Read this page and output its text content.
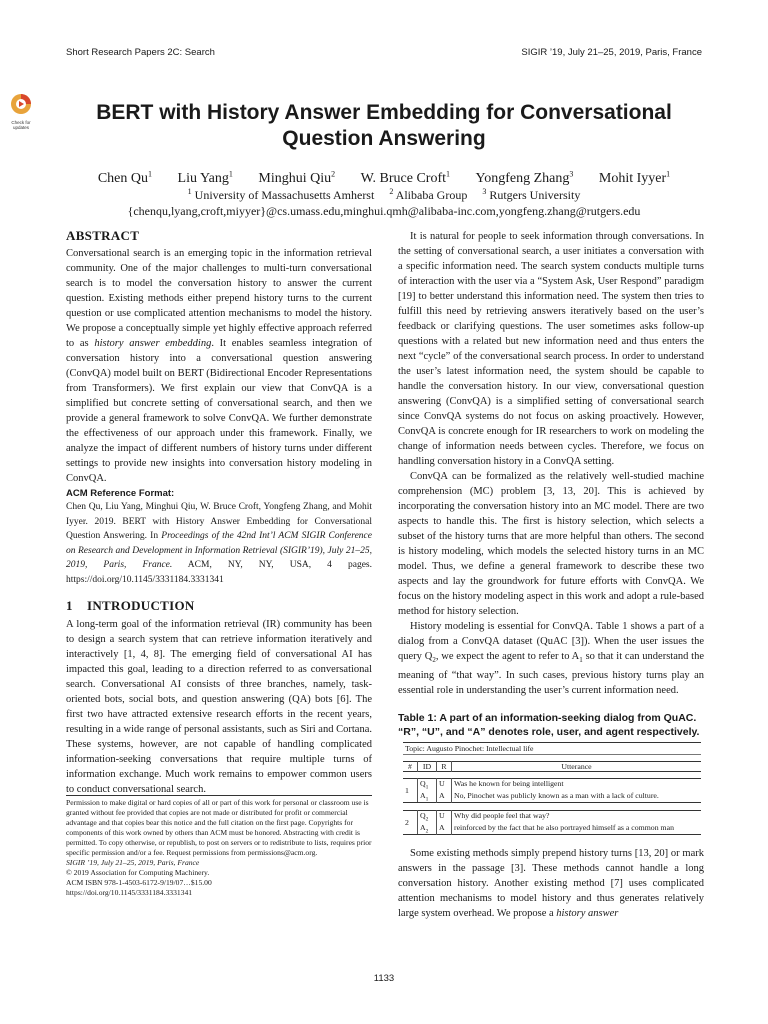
Short Research Papers 2C: Search	SIGIR ’19, July 21–25, 2019, Paris, France
Check for
updates
BERT with History Answer Embedding for Conversational
Question Answering
Chen Qu$^1$ Liu Yang$^1$ Minghui Qiu$^2$ W. Bruce Croft$^1$ Yongfeng Zhang$^3$ Mohit Iyyer$^1$
$^1$ University of Massachusetts Amherst $^2$ Alibaba Group $^3$ Rutgers University
{chenqu,lyang,croft,miyyer}@cs.umass.edu,minghui.qmh@alibaba-inc.com,yongfeng.zhang@rutgers.edu
ABSTRACT

Conversational search is an emerging topic in the information retrieval community. One of the major challenges to multi-turn conversational search is to model the conversation history to answer the current question. Existing methods either prepend history turns to the current question or use complicated attention mechanisms to model the history. We propose a conceptually simple yet highly effective approach referred to as history answer embedding. It enables seamless integration of conversation history into a conversational question answering (ConvQA) model built on BERT (Bidirectional Encoder Representations from Transformers). We first explain our view that ConvQA is a simplified but concrete setting of conversational search, and then we provide a general framework to solve ConvQA. We further demonstrate the effectiveness of our approach under this framework. Finally, we analyze the impact of different numbers of history turns under different settings to provide new insights into conversation history modeling in ConvQA.

ACM Reference Format:
Chen Qu, Liu Yang, Minghui Qiu, W. Bruce Croft, Yongfeng Zhang, and Mohit Iyyer. 2019. BERT with History Answer Embedding for Conversational Question Answering. In Proceedings of the 42nd Int’l ACM SIGIR Conference on Research and Development in Information Retrieval (SIGIR’19), July 21–25, 2019, Paris, France. ACM, NY, NY, USA, 4 pages. https://doi.org/10.1145/3331184.3331341
1    INTRODUCTION

A long-term goal of the information retrieval (IR) community has been to design a search system that can retrieve information iteratively and interactively [1, 4, 8]. The emerging field of conversational AI has impacted this goal, leading to a direction referred to as conversational search. Conversational AI consists of three branches, namely, task-oriented bots, social bots, and question answering (QA) bots [6]. The first two have attracted extensive research efforts in the recent years, resulting in a wide range of personal assistants, such as Siri and Cortana. These systems, however, are not capable of handling complicated information-seeking conversations that require multiple turns of information exchange. Much work remains to empower common users to conduct conversational search.

Permission to make digital or hard copies of all or part of this work for personal or classroom use is granted without fee provided that copies are not made or distributed for profit or commercial advantage and that copies bear this notice and the full citation on the first page. Copyrights for components of this work owned by others than ACM must be honored. Abstracting with credit is permitted. To copy otherwise, or republish, to post on servers or to redistribute to lists, requires prior specific permission and/or a fee. Request permissions from permissions@acm.org.

SIGIR ’19, July 21–25, 2019, Paris, France

© 2019 Association for Computing Machinery.

ACM ISBN 978-1-4503-6172-9/19/07…$15.00

https://doi.org/10.1145/3331184.3331341

It is natural for people to seek information through conversations. In the setting of conversational search, a user initiates a conversation with a specific information need. The search system conducts multiple turns of interaction with the user via a “System Ask, User Respond” paradigm [19] to better understand this information need. The system then tries to fulfill this need by retrieving answers iteratively based on the user’s feedback or clarifying questions. The user sometimes asks follow-up questions with a related but new information need and thus enters the next “cycle” of the conversational search process. In order to understand the user’s latest information need, the system should be capable to handle the conversation history. In our view, conversational question answering (ConvQA) is a simplified setting of conversational search since ConvQA systems do not focus on asking proactively. However, ConvQA is concrete enough for IR researchers to work on modeling the change of information needs between cycles. Therefore, we focus on handling conversation history in a ConvQA setting.

ConvQA can be formalized as the relatively well-studied machine comprehension (MC) problem [3, 13, 20]. This is achieved by incorporating the conversation history into an MC model. There are two aspects to handle this. The first is history selection, which selects a subset of the history turns that are more helpful than others. The second is history modeling, which models the selected history turns in an MC model. Thus, we define a general framework to describe these two aspects and lay the groundwork for future efforts with ConvQA. We focus on the history modeling aspect in this work and adopt a rule-based method for history selection.

History modeling is essential for ConvQA. Table 1 shows a part of a dialog from a ConvQA dataset (QuAC [3]). When the user issues the query $Q_2$, we expect the agent to refer to $A_1$ so that it can understand the meaning of “that way”. In such cases, previous history turns play an essential role in understanding the user’s current information need.

Table 1: A part of an information-seeking dialog from QuAC. “R”, “U”, and “A” denotes role, user, and agent respectively.
Topic: Augusto Pinochet: Intellectual life
#	ID	R	Utterance

1	$Q_1$	U	Was he known for being intelligent
	$A_1$	A	No, Pinochet was publicly known as a man with a lack of culture.

2	$Q_2$	U	Why did people feel that way?
	$A_2$	A	reinforced by the fact that he also portrayed himself as a common man

Some existing methods simply prepend history turns [13, 20] or mark answers in the passage [3]. These methods cannot handle a long conversation history. Another existing method [7] uses complicated attention mechanisms to model history and thus generates relatively large system overhead. We propose a history answer

1133
